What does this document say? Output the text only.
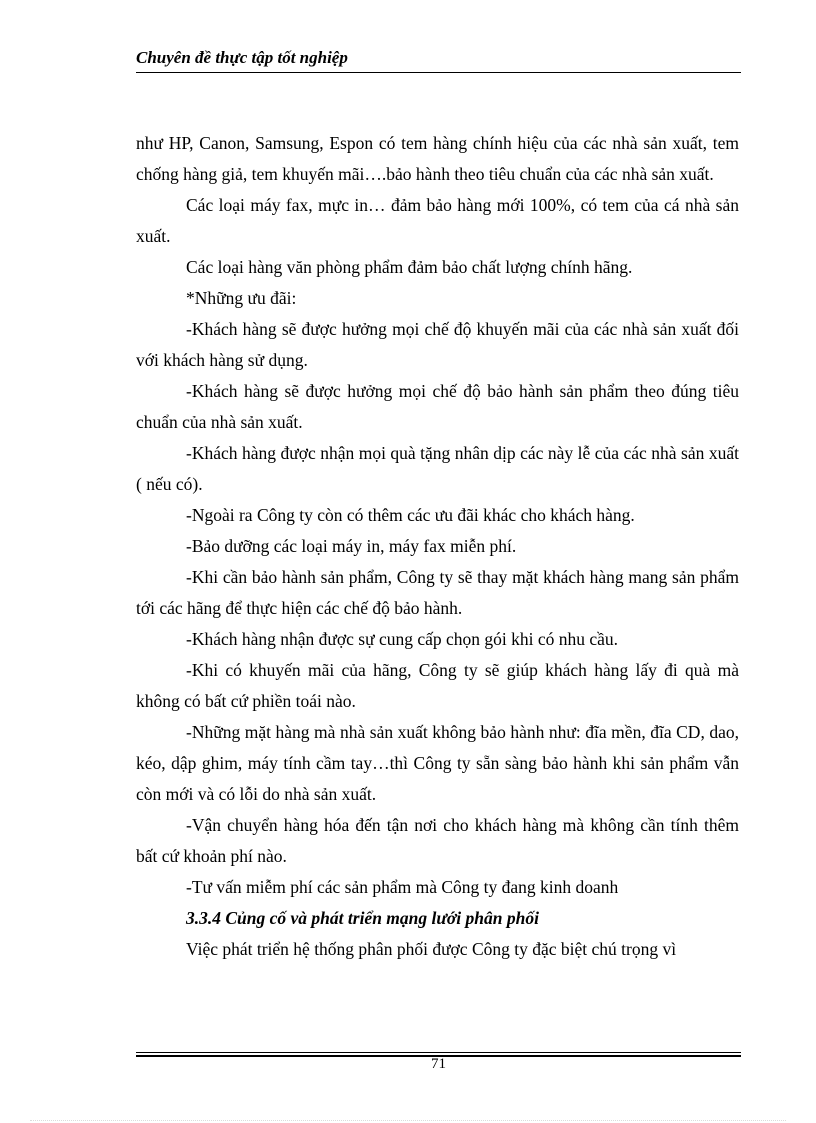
Chuyên đề thực tập tốt nghiệp

như HP, Canon, Samsung, Espon có tem hàng chính hiệu của các nhà sản xuất, tem chống hàng giả, tem khuyến mãi….bảo hành theo tiêu chuẩn của các nhà sản xuất.

Các loại máy fax, mực in… đảm bảo hàng mới 100%, có tem của cá nhà sản xuất.

Các loại hàng văn phòng phẩm đảm bảo chất lượng chính hãng.

*Những ưu đãi:

-Khách hàng sẽ được hưởng mọi chế độ khuyến mãi của các nhà sản xuất đối với khách hàng sử dụng.

-Khách hàng sẽ được hưởng mọi chế độ bảo hành sản phẩm theo đúng tiêu chuẩn của nhà sản xuất.

-Khách hàng được nhận mọi quà tặng nhân dịp các này lễ của các nhà sản xuất ( nếu có).

-Ngoài ra Công ty còn có thêm các ưu đãi khác cho khách hàng.

-Bảo dưỡng các loại máy in, máy fax miễn phí.

-Khi cần bảo hành sản phẩm, Công ty sẽ thay mặt khách hàng mang sản phẩm tới các hãng để thực hiện các chế độ bảo hành.

-Khách hàng nhận được sự cung cấp chọn gói khi có nhu cầu.

-Khi có khuyến mãi của hãng, Công ty sẽ giúp khách hàng lấy đi quà mà không có bất cứ phiền toái nào.

-Những mặt hàng mà nhà sản xuất không bảo hành như: đĩa mền, đĩa CD, dao, kéo, dập ghim, máy tính cầm tay…thì Công ty sẵn sàng bảo hành khi sản phẩm vẫn còn mới và có lỗi do nhà sản xuất.

-Vận chuyển hàng hóa đến tận nơi cho khách hàng mà không cần tính thêm bất cứ khoản phí nào.

-Tư vấn miễm phí các sản phẩm mà Công ty đang kinh doanh

3.3.4 Củng cố và phát triển mạng lưới phân phối

Việc phát triển hệ thống phân phối được Công ty đặc biệt chú trọng vì

71
